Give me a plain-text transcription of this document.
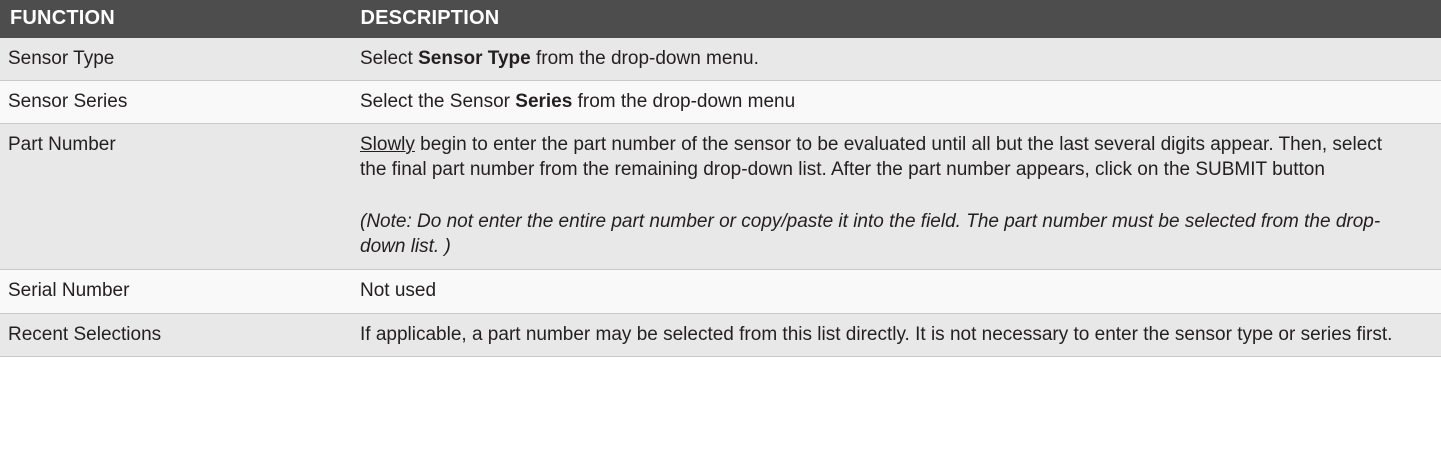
FUNCTION	DESCRIPTION
Sensor Type	Select Sensor Type from the drop-down menu.
Sensor Series	Select the Sensor Series from the drop-down menu
Part Number	Slowly begin to enter the part number of the sensor to be evaluated until all but the last several digits appear. Then, select the final part number from the remaining drop-down list. After the part number appears, click on the SUBMIT button
(Note: Do not enter the entire part number or copy/paste it into the field. The part number must be selected from the drop-down list. )

Serial Number	Not used
Recent Selections	If applicable, a part number may be selected from this list directly. It is not necessary to enter the sensor type or series first.
